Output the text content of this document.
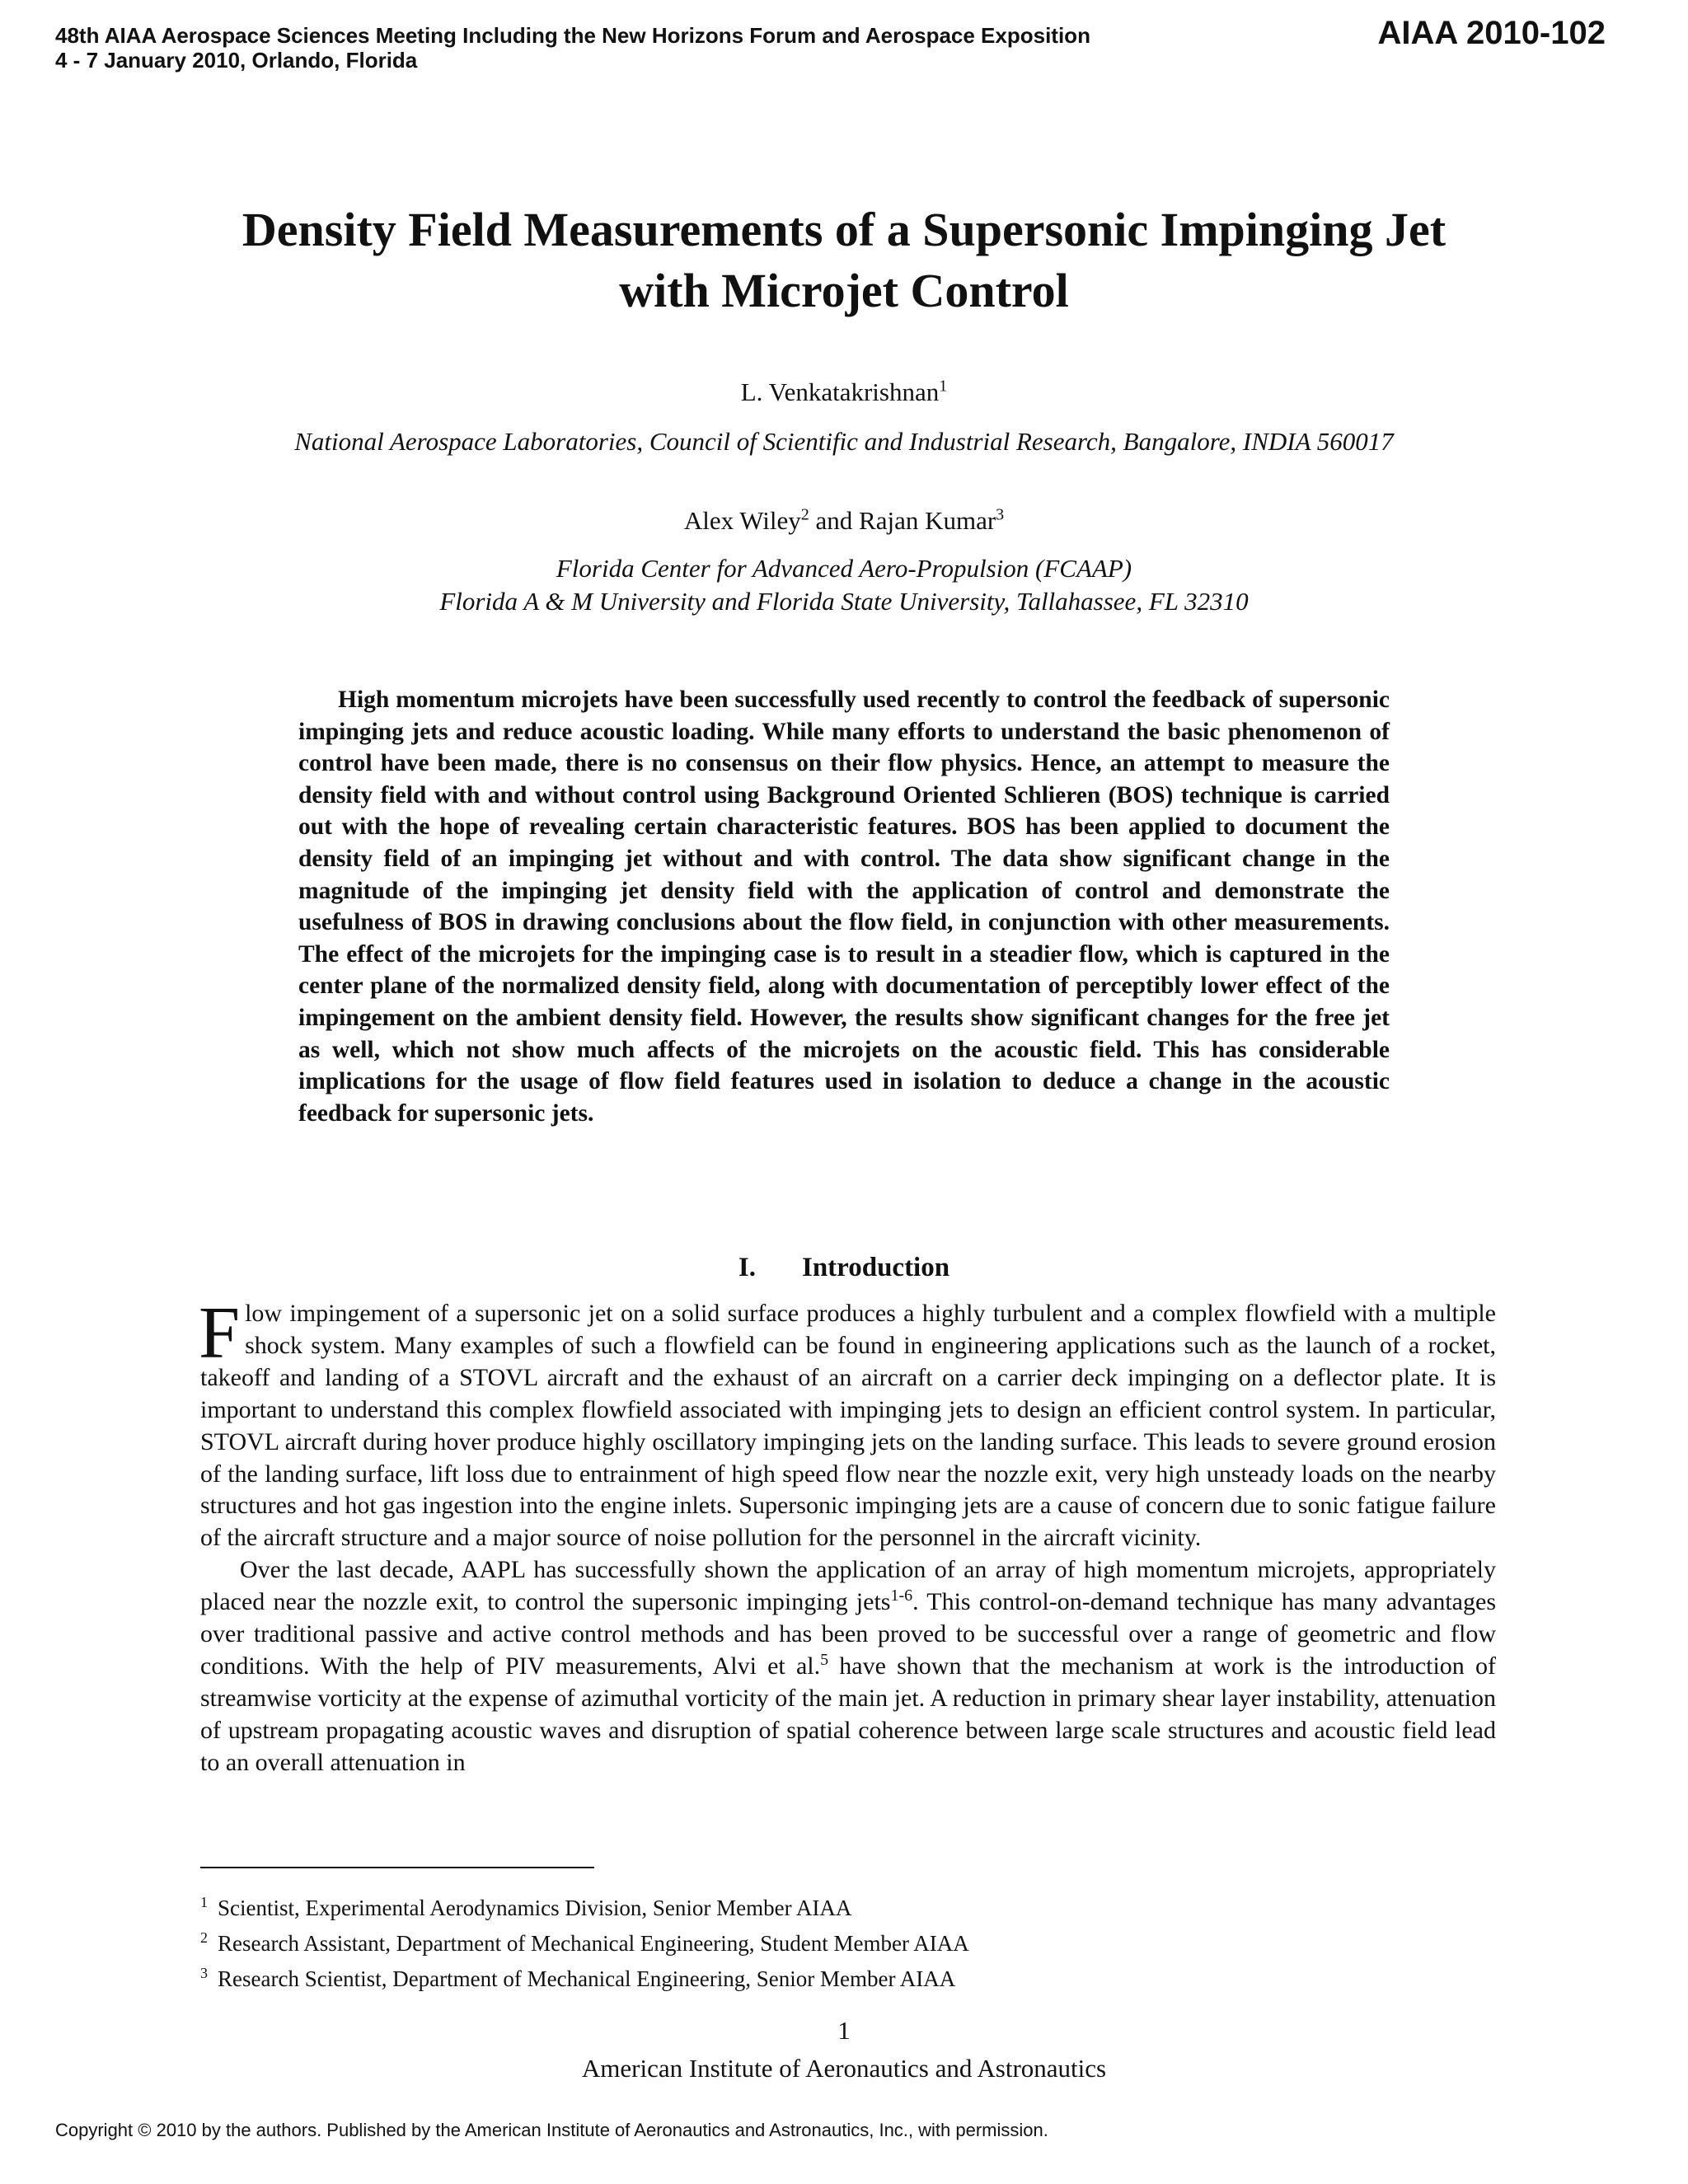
48th AIAA Aerospace Sciences Meeting Including the New Horizons Forum and Aerospace Exposition
4 - 7 January 2010, Orlando, Florida
AIAA 2010-102
Density Field Measurements of a Supersonic Impinging Jet
with Microjet Control
L. Venkatakrishnan$^1$
National Aerospace Laboratories, Council of Scientific and Industrial Research, Bangalore, INDIA 560017
Alex Wiley$^2$ and Rajan Kumar$^3$
Florida Center for Advanced Aero-Propulsion (FCAAP)
Florida A & M University and Florida State University, Tallahassee, FL 32310
High momentum microjets have been successfully used recently to control the feedback of supersonic impinging jets and reduce acoustic loading. While many efforts to understand the basic phenomenon of control have been made, there is no consensus on their flow physics. Hence, an attempt to measure the density field with and without control using Background Oriented Schlieren (BOS) technique is carried out with the hope of revealing certain characteristic features. BOS has been applied to document the density field of an impinging jet without and with control. The data show significant change in the magnitude of the impinging jet density field with the application of control and demonstrate the usefulness of BOS in drawing conclusions about the flow field, in conjunction with other measurements. The effect of the microjets for the impinging case is to result in a steadier flow, which is captured in the center plane of the normalized density field, along with documentation of perceptibly lower effect of the impingement on the ambient density field. However, the results show significant changes for the free jet as well, which not show much affects of the microjets on the acoustic field. This has considerable implications for the usage of flow field features used in isolation to deduce a change in the acoustic feedback for supersonic jets.
I. Introduction

Flow impingement of a supersonic jet on a solid surface produces a highly turbulent and a complex flowfield with a multiple shock system. Many examples of such a flowfield can be found in engineering applications such as the launch of a rocket, takeoff and landing of a STOVL aircraft and the exhaust of an aircraft on a carrier deck impinging on a deflector plate. It is important to understand this complex flowfield associated with impinging jets to design an efficient control system. In particular, STOVL aircraft during hover produce highly oscillatory impinging jets on the landing surface. This leads to severe ground erosion of the landing surface, lift loss due to entrainment of high speed flow near the nozzle exit, very high unsteady loads on the nearby structures and hot gas ingestion into the engine inlets. Supersonic impinging jets are a cause of concern due to sonic fatigue failure of the aircraft structure and a major source of noise pollution for the personnel in the aircraft vicinity.

Over the last decade, AAPL has successfully shown the application of an array of high momentum microjets, appropriately placed near the nozzle exit, to control the supersonic impinging jets$^{1-6}$. This control-on-demand technique has many advantages over traditional passive and active control methods and has been proved to be successful over a range of geometric and flow conditions. With the help of PIV measurements, Alvi et al.$^5$ have shown that the mechanism at work is the introduction of streamwise vorticity at the expense of azimuthal vorticity of the main jet. A reduction in primary shear layer instability, attenuation of upstream propagating acoustic waves and disruption of spatial coherence between large scale structures and acoustic field lead to an overall attenuation in

$^1$ Scientist, Experimental Aerodynamics Division, Senior Member AIAA
$^2$ Research Assistant, Department of Mechanical Engineering, Student Member AIAA
$^3$ Research Scientist, Department of Mechanical Engineering, Senior Member AIAA
1
American Institute of Aeronautics and Astronautics
Copyright © 2010 by the authors. Published by the American Institute of Aeronautics and Astronautics, Inc., with permission.
